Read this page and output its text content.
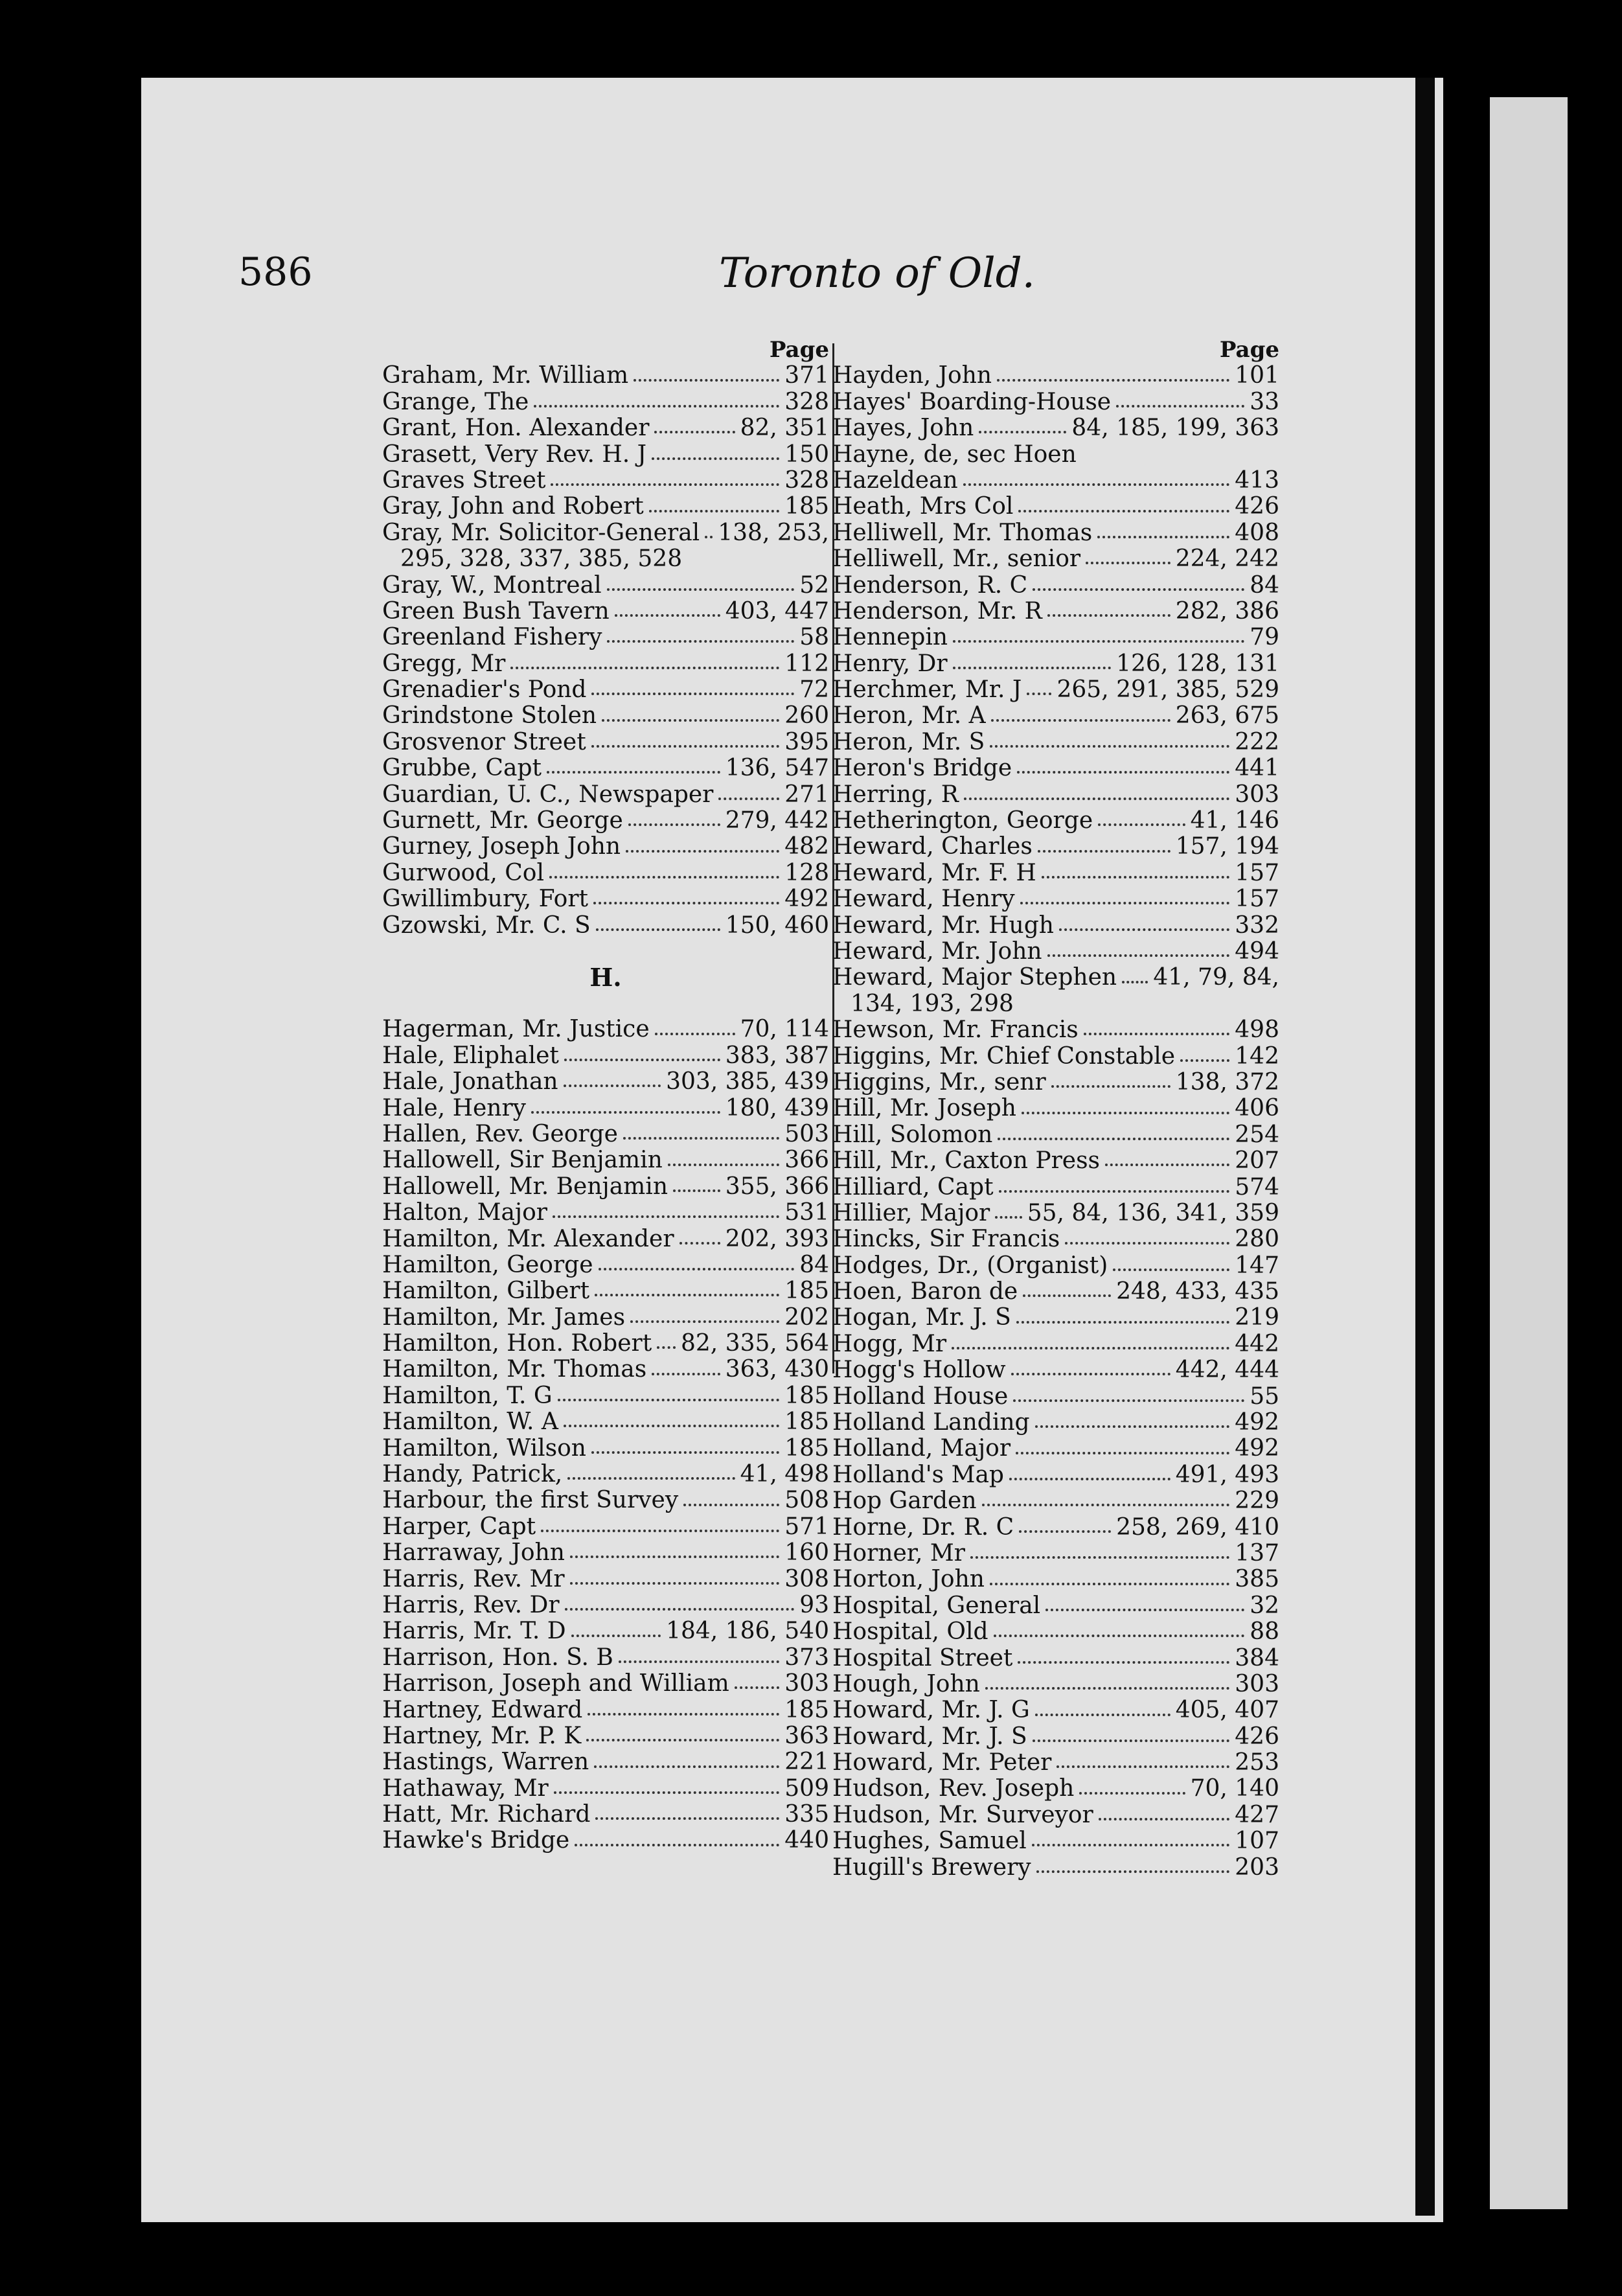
586	Toronto of Old.
Page
Graham, Mr. William	371
Grange, The	328
Grant, Hon. Alexander	82, 351
Grasett, Very Rev. H. J	150
Graves Street	328
Gray, John and Robert	185
Gray, Mr. Solicitor-General 138, 253,
295, 328, 337, 385, 528
Gray, W., Montreal	52
Green Bush Tavern	403, 447
Greenland Fishery	58
Gregg, Mr	112
Grenadier's Pond	72
Grindstone Stolen	260
Grosvenor Street	395
Grubbe, Capt	136, 547
Guardian, U. C., Newspaper	271
Gurnett, Mr. George	279, 442
Gurney, Joseph John	482
Gurwood, Col	128
Gwillimbury, Fort	492
Gzowski, Mr. C. S	150, 460
H.
Hagerman, Mr. Justice	70, 114
Hale, Eliphalet	383, 387
Hale, Jonathan	303, 385, 439
Hale, Henry	180, 439
Hallen, Rev. George	503
Hallowell, Sir Benjamin	366
Hallowell, Mr. Benjamin 355, 366
Halton, Major	531
Hamilton, Mr. Alexander 202, 393
Hamilton, George	84
Hamilton, Gilbert	185
Hamilton, Mr. James	202
Hamilton, Hon. Robert 82, 335, 564
Hamilton, Mr. Thomas	363, 430
Hamilton, T. G	185
Hamilton, W. A	185
Hamilton, Wilson	185
Handy, Patrick,	41, 498
Harbour, the first Survey	508
Harper, Capt	571
Harraway, John	160
Harris, Rev. Mr	308
Harris, Rev. Dr	93
Harris, Mr. T. D	184, 186, 540
Harrison, Hon. S. B	373
Harrison, Joseph and William 303
Hartney, Edward	185
Hartney, Mr. P. K	363
Hastings, Warren	221
Hathaway, Mr	509
Hatt, Mr. Richard	335
Hawke's Bridge	440
Page
Hayden, John	101
Hayes' Boarding-House	33
Hayes, John	84, 185, 199, 363
Hayne, de, sec Hoen
Hazeldean	413
Heath, Mrs Col	426
Helliwell, Mr. Thomas	408
Helliwell, Mr., senior	224, 242
Henderson, R. C	84
Henderson, Mr. R	282, 386
Hennepin	79
Henry, Dr	126, 128, 131
Herchmer, Mr. J 265, 291, 385, 529
Heron, Mr. A	263, 675
Heron, Mr. S	222
Heron's Bridge	441
Herring, R	303
Hetherington, George	41, 146
Heward, Charles	157, 194
Heward, Mr. F. H	157
Heward, Henry	157
Heward, Mr. Hugh	332
Heward, Mr. John	494
Heward, Major Stephen 41, 79, 84,
134, 193, 298
Hewson, Mr. Francis	498
Higgins, Mr. Chief Constable	142
Higgins, Mr., senr	138, 372
Hill, Mr. Joseph	406
Hill, Solomon	254
Hill, Mr., Caxton Press	207
Hilliard, Capt	574
Hillier, Major 55, 84, 136, 341, 359
Hincks, Sir Francis	280
Hodges, Dr., (Organist)	147
Hoen, Baron de	248, 433, 435
Hogan, Mr. J. S	219
Hogg, Mr	442
Hogg's Hollow	442, 444
Holland House	55
Holland Landing	492
Holland, Major	492
Holland's Map	491, 493
Hop Garden	229
Horne, Dr. R. C	258, 269, 410
Horner, Mr	137
Horton, John	385
Hospital, General	32
Hospital, Old	88
Hospital Street	384
Hough, John	303
Howard, Mr. J. G	405, 407
Howard, Mr. J. S	426
Howard, Mr. Peter	253
Hudson, Rev. Joseph	70, 140
Hudson, Mr. Surveyor	427
Hughes, Samuel	107
Hugill's Brewery	203
